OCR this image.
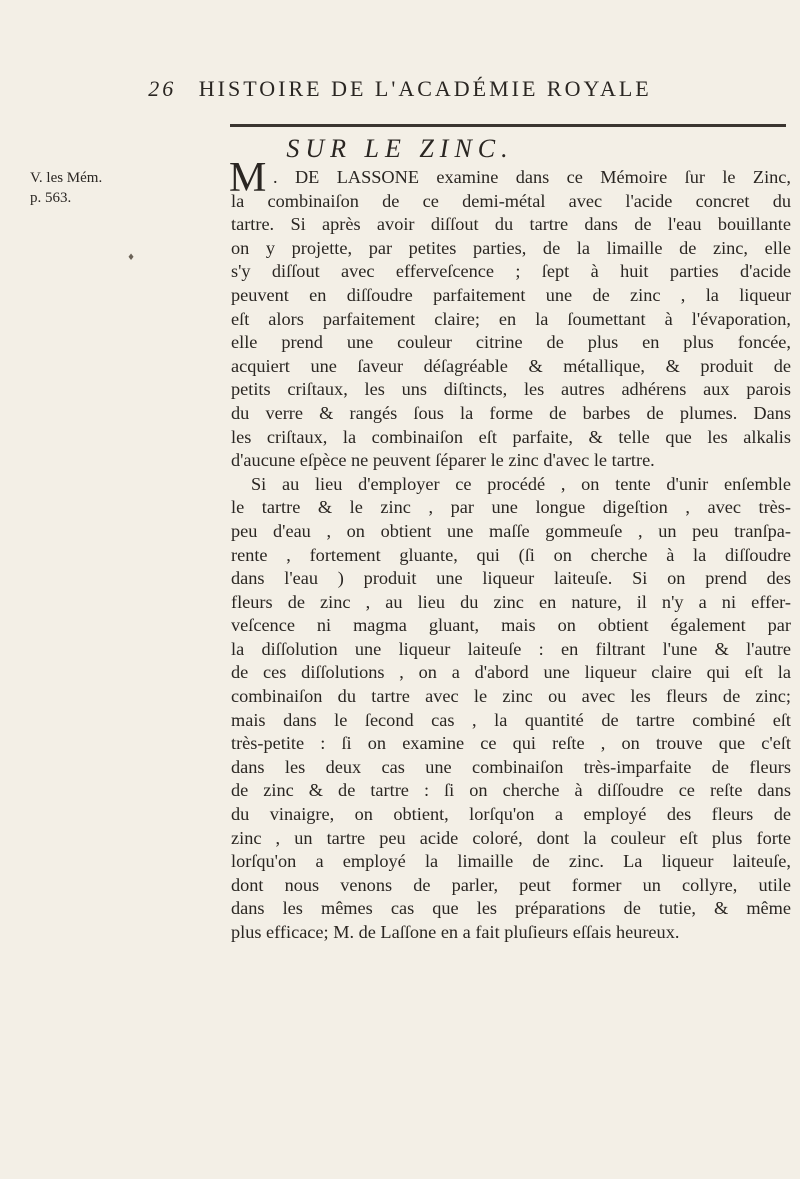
26 HISTOIRE DE L'ACADÉMIE ROYALE
SUR LE ZINC.
V. les Mém.
p. 563.
♦
M . DE LASSONE examine dans ce Mémoire ſur le Zinc,
la combinaiſon de ce demi-métal avec l'acide concret du
tartre. Si après avoir diſſout du tartre dans de l'eau bouillante
on y projette, par petites parties, de la limaille de zinc, elle
s'y diſſout avec efferveſcence ; ſept à huit parties d'acide
peuvent en diſſoudre parfaitement une de zinc , la liqueur
eſt alors parfaitement claire; en la ſoumettant à l'évaporation,
elle prend une couleur citrine de plus en plus foncée,
acquiert une ſaveur déſagréable & métallique, & produit de
petits criſtaux, les uns diſtincts, les autres adhérens aux parois
du verre & rangés ſous la forme de barbes de plumes. Dans
les criſtaux, la combinaiſon eſt parfaite, & telle que les alkalis
d'aucune eſpèce ne peuvent ſéparer le zinc d'avec le tartre.
Si au lieu d'employer ce procédé , on tente d'unir enſemble
le tartre & le zinc , par une longue digeſtion , avec très-
peu d'eau , on obtient une maſſe gommeuſe , un peu tranſpa-
rente , fortement gluante, qui (ſi on cherche à la diſſoudre
dans l'eau ) produit une liqueur laiteuſe. Si on prend des
fleurs de zinc , au lieu du zinc en nature, il n'y a ni effer-
veſcence ni magma gluant, mais on obtient également par
la diſſolution une liqueur laiteuſe : en filtrant l'une & l'autre
de ces diſſolutions , on a d'abord une liqueur claire qui eſt la
combinaiſon du tartre avec le zinc ou avec les fleurs de zinc;
mais dans le ſecond cas , la quantité de tartre combiné eſt
très-petite : ſi on examine ce qui reſte , on trouve que c'eſt
dans les deux cas une combinaiſon très-imparfaite de fleurs
de zinc & de tartre : ſi on cherche à diſſoudre ce reſte dans
du vinaigre, on obtient, lorſqu'on a employé des fleurs de
zinc , un tartre peu acide coloré, dont la couleur eſt plus forte
lorſqu'on a employé la limaille de zinc. La liqueur laiteuſe,
dont nous venons de parler, peut former un collyre, utile
dans les mêmes cas que les préparations de tutie, & même
plus efficace; M. de Laſſone en a fait pluſieurs eſſais heureux.
